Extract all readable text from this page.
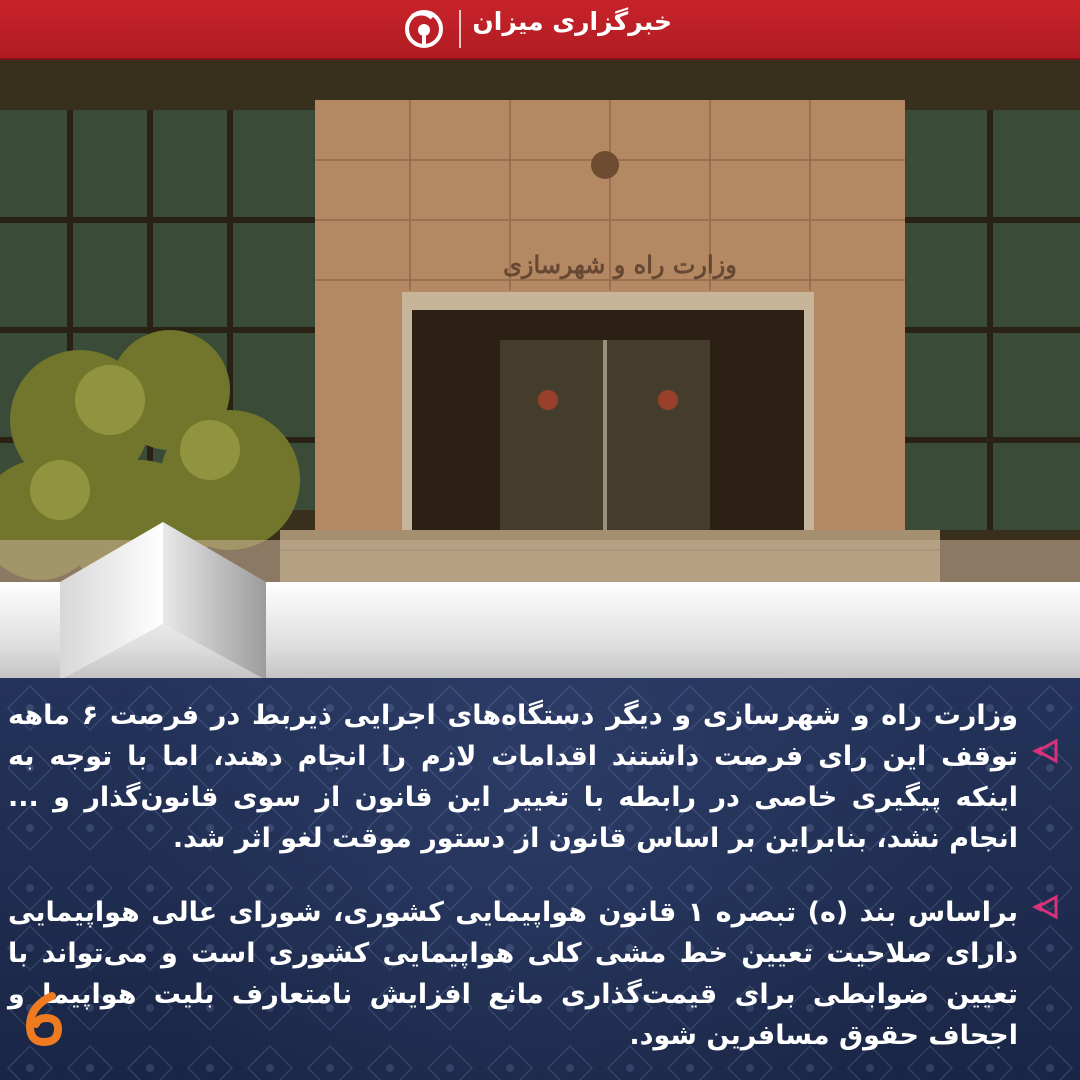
خبرگزاری میزان
وزارت راه و شهرسازی
وزارت راه و شهرسازی و دیگر دستگاه‌های اجرایی ذیربط در فرصت ۶ ماهه توقف این رای فرصت داشتند اقدامات لازم را انجام دهند، اما با توجه به اینکه پیگیری خاصی در رابطه با تغییر این قانون از سوی قانون‌گذار و ... انجام نشد، بنابراین بر اساس قانون از دستور موقت لغو اثر شد.
براساس بند (ه) تبصره ۱ قانون هواپیمایی کشوری، شورای عالی هواپیمایی دارای صلاحیت تعیین خط مشی کلی هواپیمایی کشوری است و می‌تواند با تعیین ضوابطی برای قیمت‌گذاری مانع افزایش نامتعارف بلیت هواپیما و اجحاف حقوق مسافرین شود.
